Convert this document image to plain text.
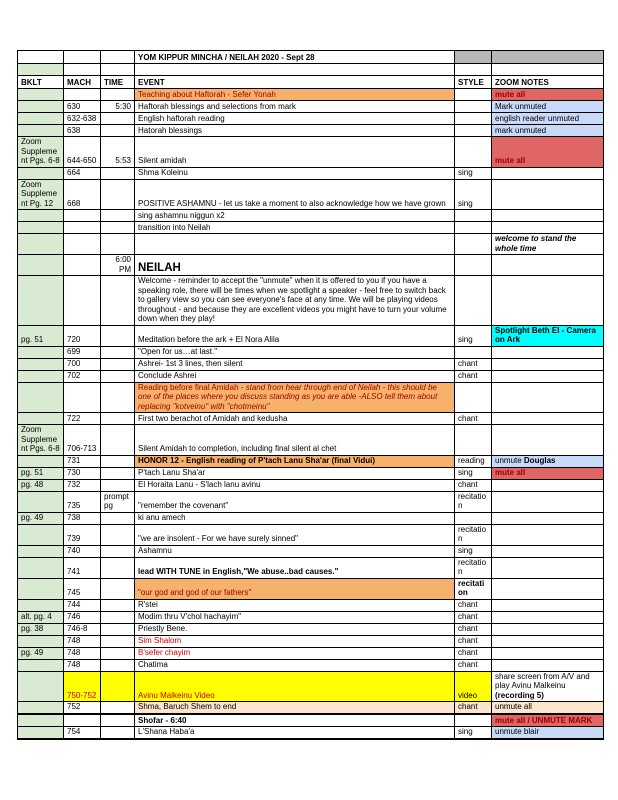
			YOM KIPPUR MINCHA / NEILAH 2020 - Sept 28		

BKLT	MACH	TIME	EVENT	STYLE	ZOOM NOTES
			Teaching about Haftorah - Sefer Yonah		mute all
	630	5:30	Haftorah blessings and selections from mark		Mark unmuted
	632-638		English haftorah reading		english reader unmuted
	638		Hatorah blessings		mark unmuted
Zoom Supplement Pgs. 6-8	644-650	5:53	Silent amidah		mute all
	664		Shma Koleinu	sing	
Zoom Supplement Pg. 12	668		POSITIVE ASHAMNU - let us take a moment to also acknowledge how we have grown	sing	
			sing ashamnu niggun x2		
			transition into Neilah		
					welcome to stand the whole time
		6:00 PM	NEILAH		
			Welcome - reminder to accept the "unmute" when it is offered to you if you have a speaking role, there will be times when we spotlight a speaker - feel free to switch back to gallery view so you can see everyone's face at any time. We will be playing videos throughout - and because they are excellent videos you might have to turn your volume down when they play!		
pg. 51	720		Meditation before the ark + El Nora Alila	sing	Spotlight Beth El - Camera on Ark
	699		"Open for us…at last."		
	700		Ashrei- 1st 3 lines, then silent	chant	
	702		Conclude Ashrei	chant	
			Reading before final Amidah - stand from hear through end of Neilah - this should be one of the places where you discuss standing as you are able -ALSO tell them about replacing "kotveinu" with "chotmeinu"		
	722		First two berachot of Amidah and kedusha	chant	
Zoom Supplement Pgs. 6-8	706-713		Silent Amidah to completion, including final silent al chet		
	731		HONOR 12 - English reading of P'tach Lanu Sha'ar (final Vidui)	reading	unmute Douglas
pg. 51	730		P'tach Lanu Sha'ar	sing	mute all
pg. 48	732		El Horaita Lanu - S'lach lanu avinu	chant	
	735	prompt pg	"remember the covenant"	recitation	
pg. 49	738		ki anu amech		
	739		"we are insolent - For we have surely sinned"	recitation	
	740		Ashamnu	sing	
	741		lead WITH TUNE in English,"We abuse..bad causes."	recitation	
	745		"our god and god of our fathers"	recitation	
	744		R'stei	chant	
alt. pg. 4	746		Modim thru V'chol hachayim"	chant	
pg. 38	746-8		Priestly Bene.	chant	
	748		Sim Shalom	chant	
pg. 49	748		B'sefer chayim	chant	
	748		Chatima	chant	
	750-752		Avinu Malkeinu Video	video	share screen from A/V and play Avinu Malkeinu (recording 5)
	752		Shma, Baruch Shem to end	chant	unmute all
			Shofar - 6:40		mute all / UNMUTE MARK
	754		L'Shana Haba'a	sing	unmute blair
